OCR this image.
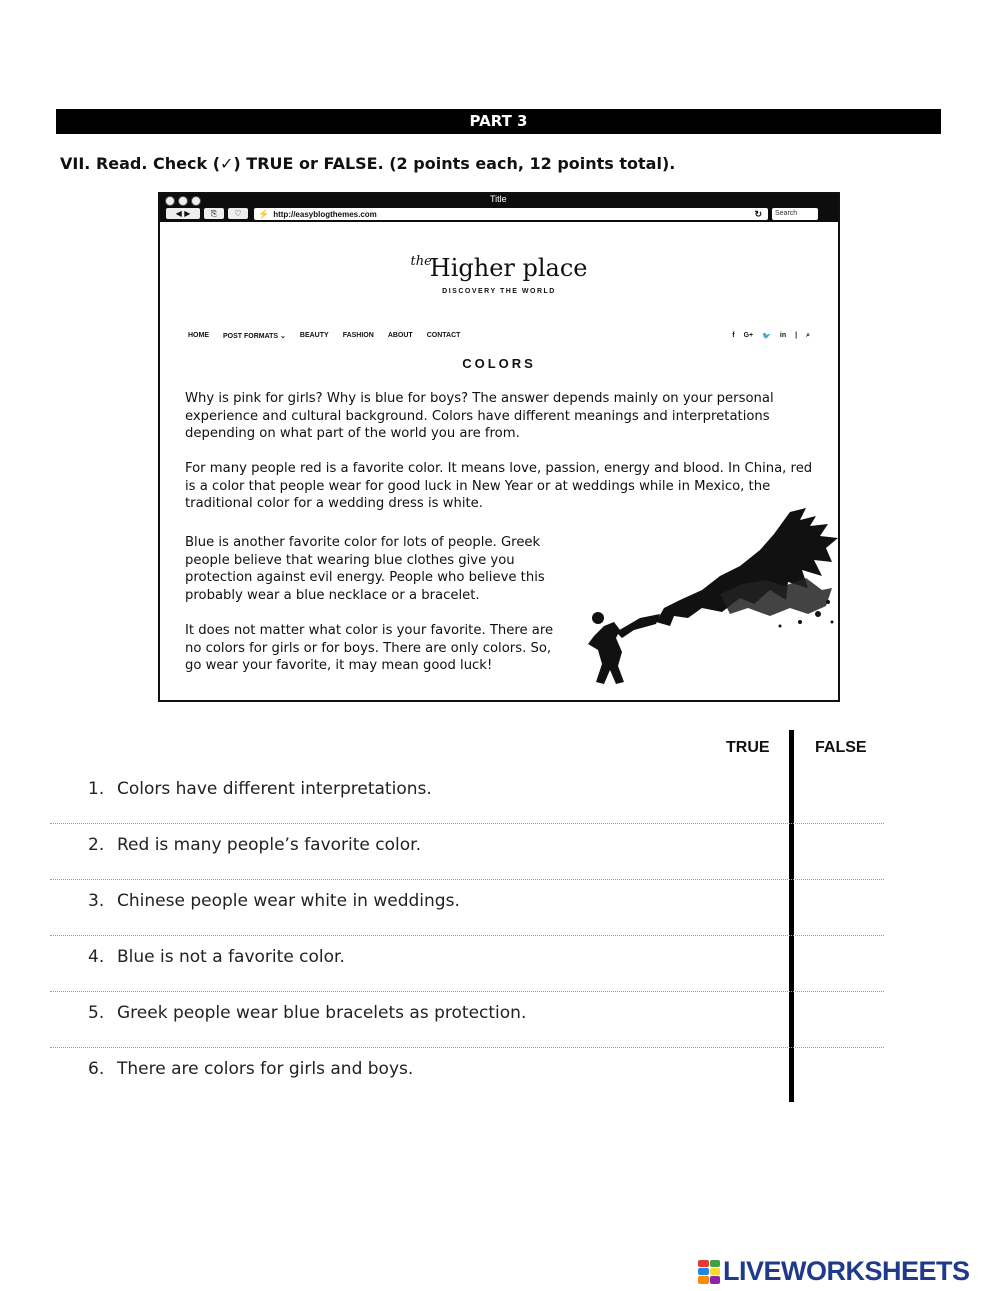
PART 3
VII. Read. Check (✓) TRUE or FALSE. (2 points each, 12 points total).
Title
◀ ▶	⎘	♡	⚡ http://easyblogthemes.com	↻	Search
$^{the}$Higher place
DISCOVERY THE WORLD
HOME POST FORMATS ⌄ BEAUTY FASHION ABOUT CONTACT	f G+ 🐦 in | ⌕
COLORS
Why is pink for girls? Why is blue for boys? The answer depends mainly on your personal experience and cultural background. Colors have different meanings and interpretations depending on what part of the world you are from.
For many people red is a favorite color. It means love, passion, energy and blood. In China, red is a color that people wear for good luck in New Year or at weddings while in Mexico, the traditional color for a wedding dress is white.
Blue is another favorite color for lots of people. Greek people believe that wearing blue clothes give you protection against evil energy. People who believe this probably wear a blue necklace or a bracelet.
It does not matter what color is your favorite. There are no colors for girls or for boys. There are only colors. So, go wear your favorite, it may mean good luck!
· · · · · · · · · · · · · · · · · · · ·
TRUE	FALSE
1. Colors have different interpretations.
2. Red is many people’s favorite color.
3. Chinese people wear white in weddings.
4. Blue is not a favorite color.
5. Greek people wear blue bracelets as protection.
6. There are colors for girls and boys.
LIVEWORKSHEETS
